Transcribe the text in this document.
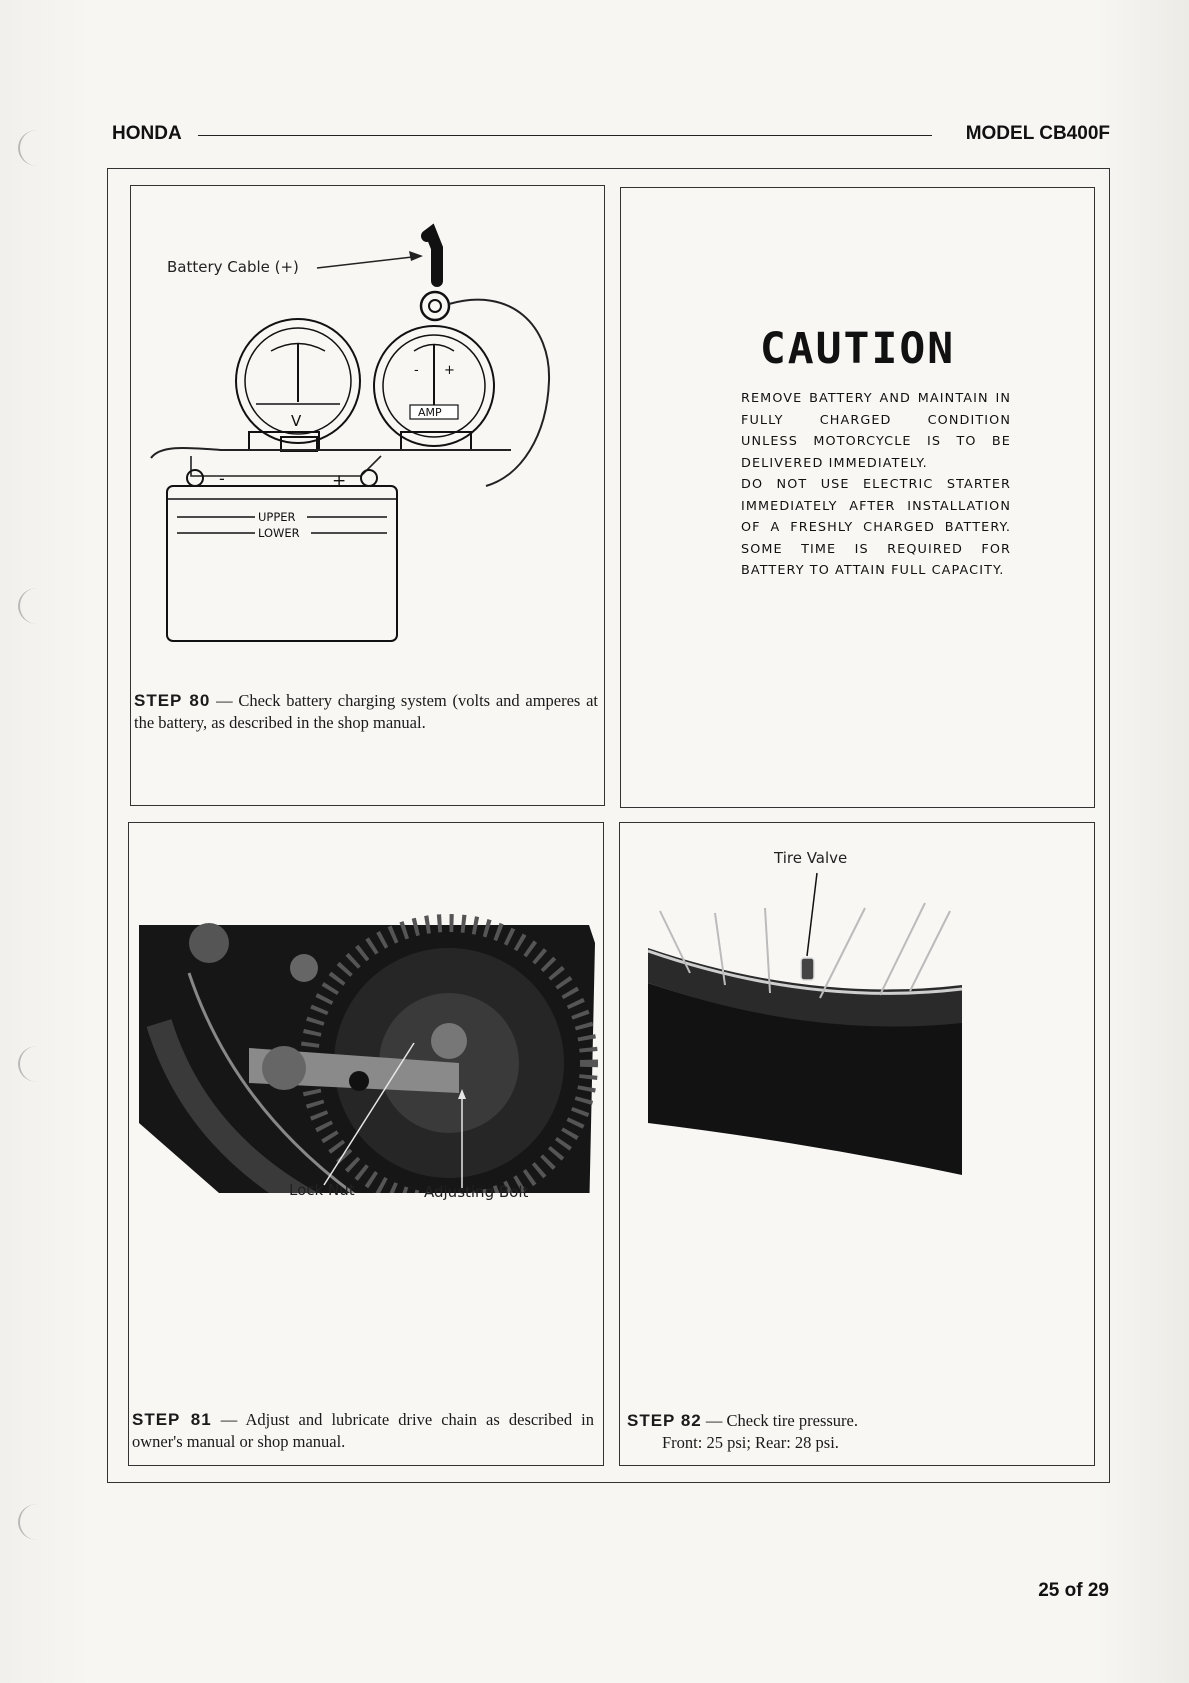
HONDA	MODEL CB400F
Battery Cable (+)
V
- +
AMP
-	+
UPPER
LOWER
STEP 80 — Check battery charging system (volts and amperes at the battery, as described in the shop manual.
CAUTION

REMOVE BATTERY AND MAINTAIN IN FULLY CHARGED CONDITION UNLESS MOTORCYCLE IS TO BE DELIVERED IMMEDIATELY.

DO NOT USE ELECTRIC STARTER IMMEDIATELY AFTER INSTALLATION OF A FRESHLY CHARGED BATTERY. SOME TIME IS REQUIRED FOR BATTERY TO ATTAIN FULL CAPACITY.

Lock Nut	Adjusting Bolt
STEP 81 — Adjust and lubricate drive chain as described in owner's manual or shop manual.
Tire Valve
STEP 82 — Check tire pressure.
Front: 25 psi; Rear: 28 psi.
25 of 29
